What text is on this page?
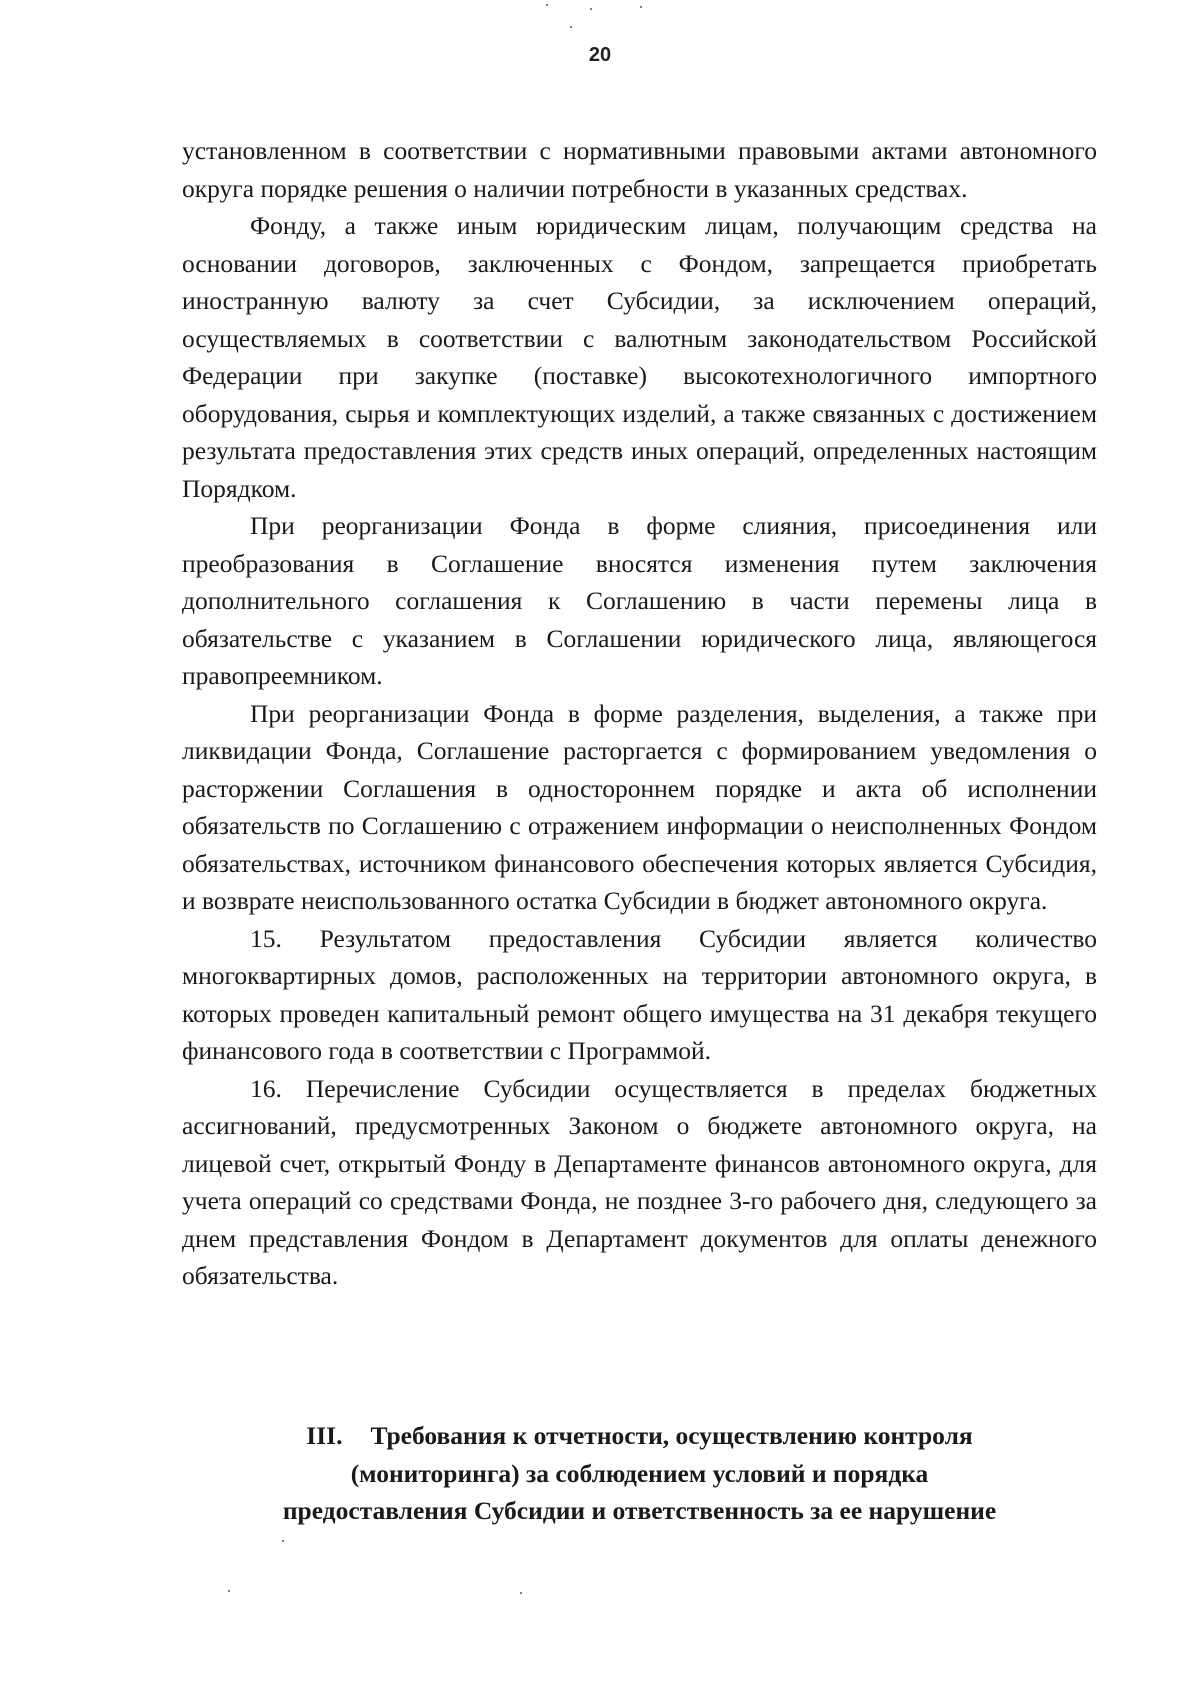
20

установленном в соответствии с нормативными правовыми актами автономного округа порядке решения о наличии потребности в указанных средствах.

Фонду, а также иным юридическим лицам, получающим средства на основании договоров, заключенных с Фондом, запрещается приобретать иностранную валюту за счет Субсидии, за исключением операций, осуществляемых в соответствии с валютным законодательством Российской Федерации при закупке (поставке) высокотехнологичного импортного оборудования, сырья и комплектующих изделий, а также связанных с достижением результата предоставления этих средств иных операций, определенных настоящим Порядком.

При реорганизации Фонда в форме слияния, присоединения или преобразования в Соглашение вносятся изменения путем заключения дополнительного соглашения к Соглашению в части перемены лица в обязательстве с указанием в Соглашении юридического лица, являющегося правопреемником.

При реорганизации Фонда в форме разделения, выделения, а также при ликвидации Фонда, Соглашение расторгается с формированием уведомления о расторжении Соглашения в одностороннем порядке и акта об исполнении обязательств по Соглашению с отражением информации о неисполненных Фондом обязательствах, источником финансового обеспечения которых является Субсидия, и возврате неиспользованного остатка Субсидии в бюджет автономного округа.

15. Результатом предоставления Субсидии является количество многоквартирных домов, расположенных на территории автономного округа, в которых проведен капитальный ремонт общего имущества на 31 декабря текущего финансового года в соответствии с Программой.

16. Перечисление Субсидии осуществляется в пределах бюджетных ассигнований, предусмотренных Законом о бюджете автономного округа, на лицевой счет, открытый Фонду в Департаменте финансов автономного округа, для учета операций со средствами Фонда, не позднее 3-го рабочего дня, следующего за днем представления Фондом в Департамент документов для оплаты денежного обязательства.

III. Требования к отчетности, осуществлению контроля
(мониторинга) за соблюдением условий и порядка
предоставления Субсидии и ответственность за ее нарушение
